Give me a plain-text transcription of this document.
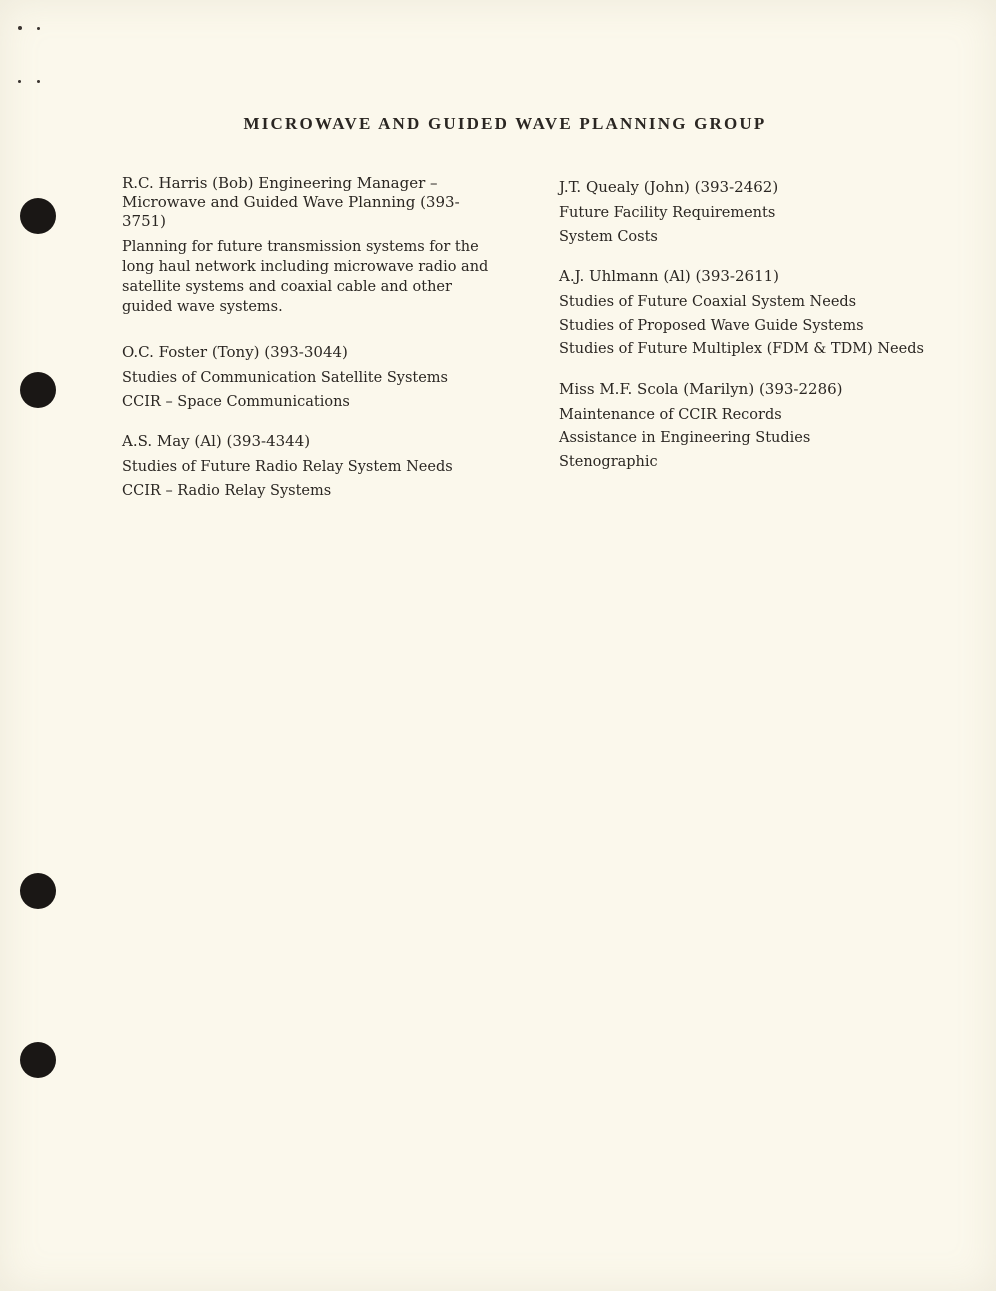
MICROWAVE AND GUIDED WAVE PLANNING GROUP
R.C. Harris (Bob) Engineering Manager –
Microwave and Guided Wave Planning (393-3751)
Planning for future transmission systems for the long haul network including microwave radio and satellite systems and coaxial cable and other guided wave systems.
O.C. Foster (Tony) (393-3044)
Studies of Communication Satellite Systems
CCIR – Space Communications
A.S. May (Al) (393-4344)
Studies of Future Radio Relay System Needs
CCIR – Radio Relay Systems
J.T. Quealy (John) (393-2462)
Future Facility Requirements
System Costs
A.J. Uhlmann (Al) (393-2611)
Studies of Future Coaxial System Needs
Studies of Proposed Wave Guide Systems
Studies of Future Multiplex (FDM & TDM) Needs
Miss M.F. Scola (Marilyn) (393-2286)
Maintenance of CCIR Records
Assistance in Engineering Studies
Stenographic
